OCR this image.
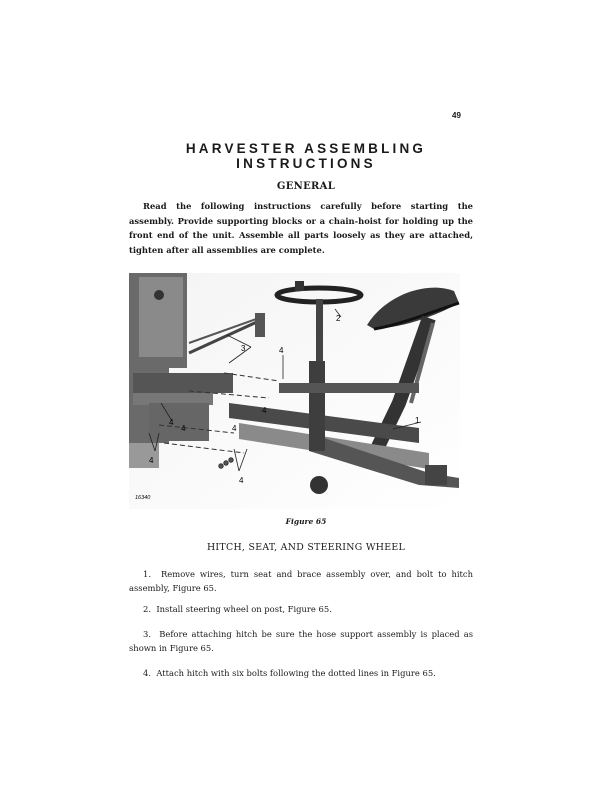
49
HARVESTER ASSEMBLING
INSTRUCTIONS
GENERAL

Read the following instructions carefully before starting the assembly. Provide supporting blocks or a chain-hoist for holding up the front end of the unit. Assemble all parts loosely as they are attached, tighten after all assemblies are complete.

2
3	4
4
1
4
4	4
4
4
16340
Figure 65
HITCH, SEAT, AND STEERING WHEEL

1. Remove wires, turn seat and brace assembly over, and bolt to hitch assembly, Figure 65.

2. Install steering wheel on post, Figure 65.

3. Before attaching hitch be sure the hose support assembly is placed as shown in Figure 65.

4. Attach hitch with six bolts following the dotted lines in Figure 65.
